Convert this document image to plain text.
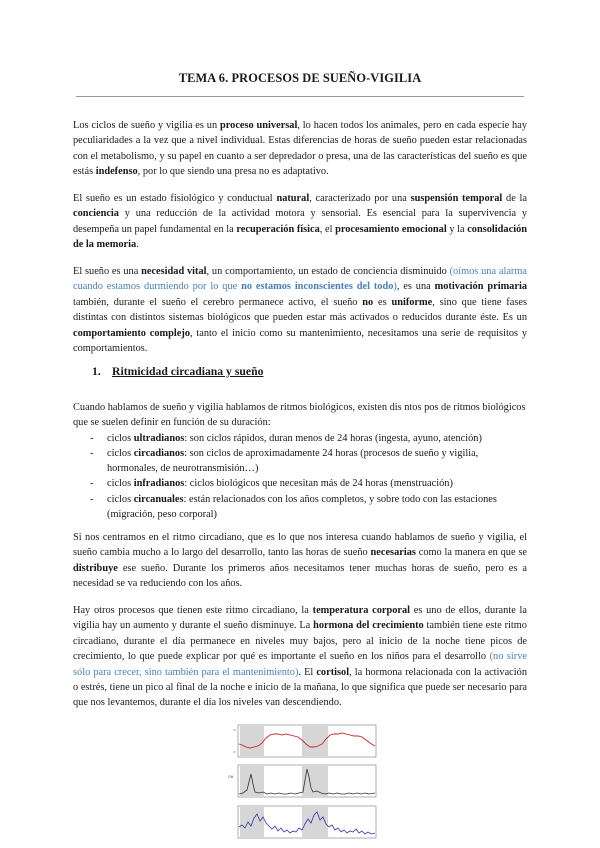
TEMA 6. PROCESOS DE SUEÑO-VIGILIA

Los ciclos de sueño y vigilia es un proceso universal, lo hacen todos los animales, pero en cada especie hay peculiaridades a la vez que a nivel individual. Estas diferencias de horas de sueño pueden estar relacionadas con el metabolismo, y su papel en cuanto a ser depredador o presa, una de las características del sueño es que estás indefenso, por lo que siendo una presa no es adaptativo.

El sueño es un estado fisiológico y conductual natural, caracterizado por una suspensión temporal de la conciencia y una reducción de la actividad motora y sensorial. Es esencial para la supervivencia y desempeña un papel fundamental en la recuperación física, el procesamiento emocional y la consolidación de la memoria.

El sueño es una necesidad vital, un comportamiento, un estado de conciencia disminuido (oímos una alarma cuando estamos durmiendo por lo que no estamos inconscientes del todo), es una motivación primaria también, durante el sueño el cerebro permanece activo, el sueño no es uniforme, sino que tiene fases distintas con distintos sistemas biológicos que pueden estar más activados o reducidos durante éste. Es un comportamiento complejo, tanto el inicio como su mantenimiento, necesitamos una serie de requisitos y comportamientos.

1. Ritmicidad circadiana y sueño
Cuando hablamos de sueño y vigilia hablamos de ritmos biológicos, existen dis ntos pos de ritmos biológicos que se suelen definir en función de su duración:
- ciclos ultradianos: son ciclos rápidos, duran menos de 24 horas (ingesta, ayuno, atención)
- ciclos circadianos: son ciclos de aproximadamente 24 horas (procesos de sueño y vigilia, hormonales, de neurotransmisión…)
- ciclos infradianos: ciclos biológicos que necesitan más de 24 horas (menstruación)
- ciclos circanuales: están relacionados con los años completos, y sobre todo con las estaciones (migración, peso corporal)

Si nos centramos en el ritmo circadiano, que es lo que nos interesa cuando hablamos de sueño y vigilia, el sueño cambia mucho a lo largo del desarrollo, tanto las horas de sueño necesarias como la manera en que se distribuye ese sueño. Durante los primeros años necesitamos tener muchas horas de sueño, pero es a necesidad se va reduciendo con los años.

Hay otros procesos que tienen este ritmo circadiano, la temperatura corporal es uno de ellos, durante la vigilia hay un aumento y durante el sueño disminuye. La hormona del crecimiento también tiene este ritmo circadiano, durante el día permanece en niveles muy bajos, pero al inicio de la noche tiene picos de crecimiento, lo que puede explicar por qué es importante el sueño en los niños para el desarrollo (no sirve sólo para crecer, sino también para el mantenimiento). El cortisol, la hormona relacionada con la activación o estrés, tiene un pico al final de la noche e inicio de la mañana, lo que significa que puede ser necesario para que nos levantemos, durante el día los niveles van descendiendo.

GH
·	·	·	·	·	·
